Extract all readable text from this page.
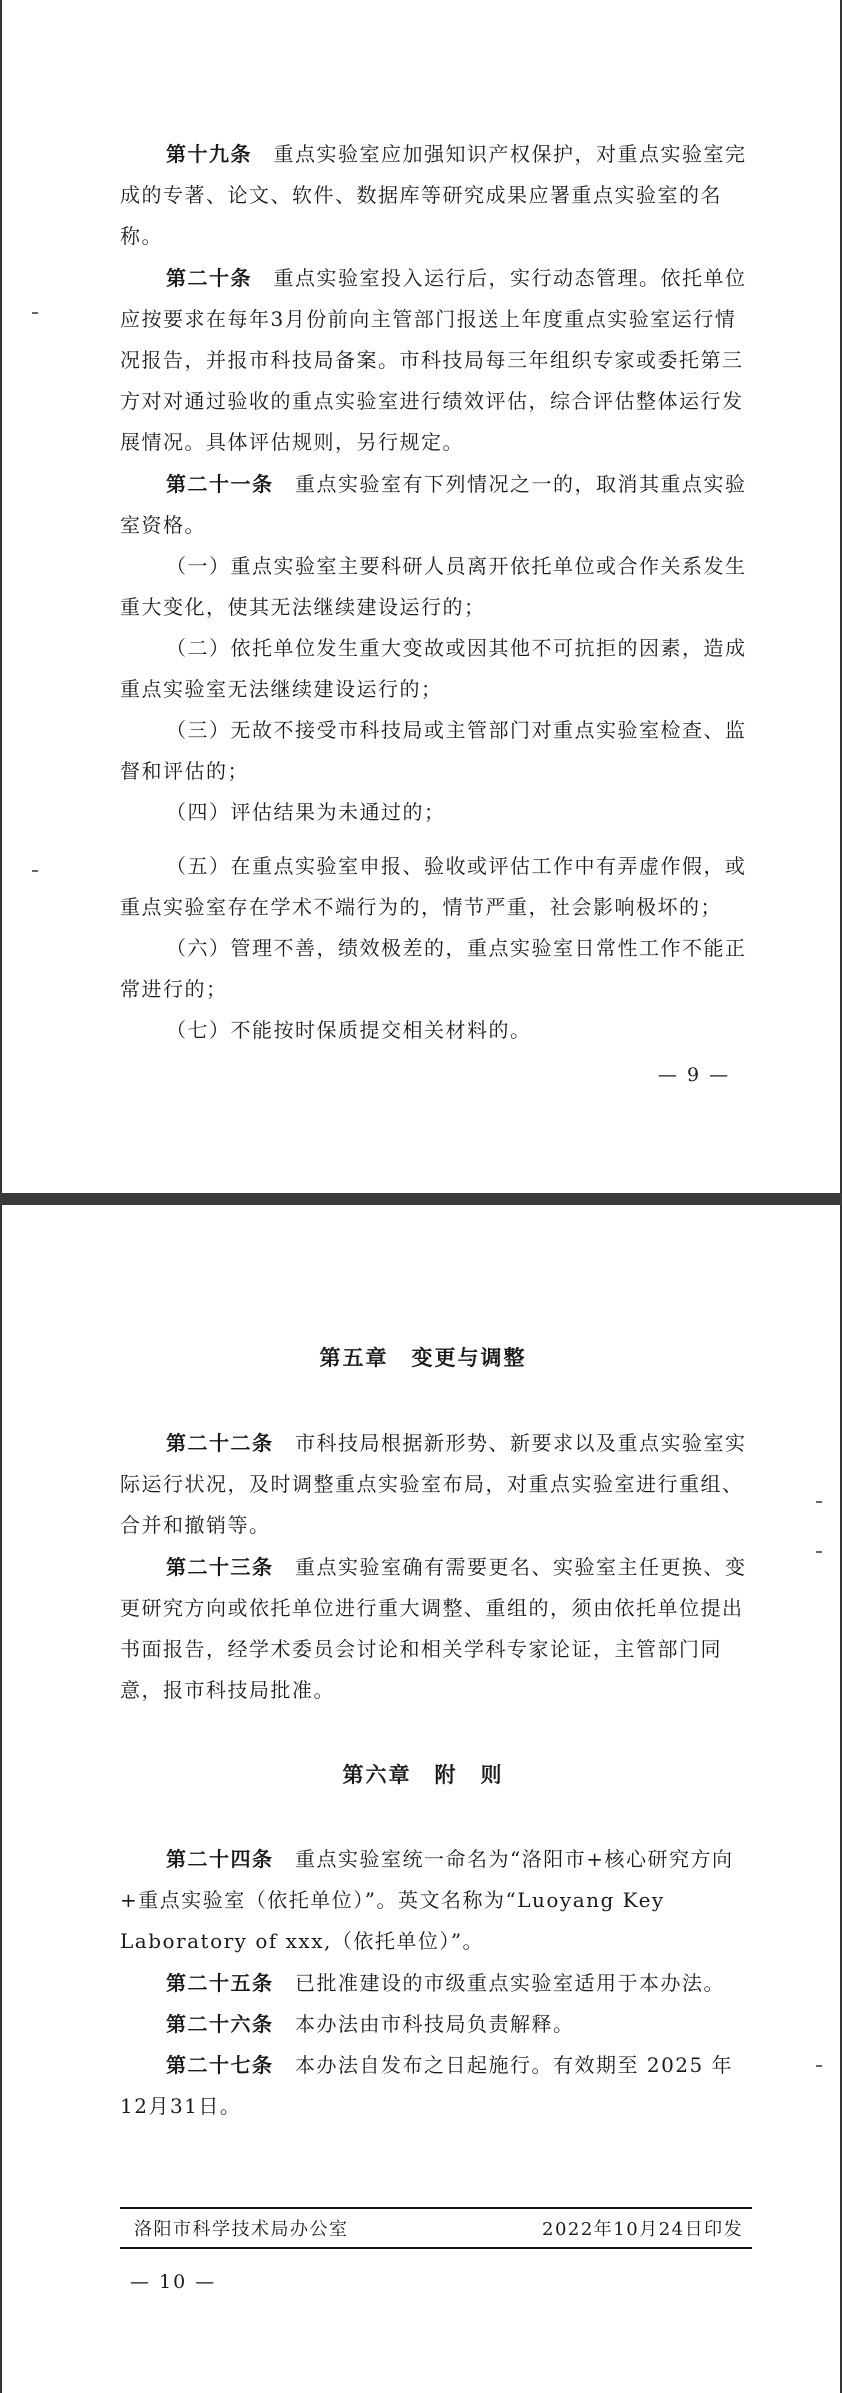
第十九条　 重点实验室应加强知识产权保护，对重点实验室完成的专著、论文、软件、数据库等研究成果应署重点实验室的名称。

第二十条　 重点实验室投入运行后，实行动态管理。依托单位应按要求在每年3月份前向主管部门报送上年度重点实验室运行情况报告，并报市科技局备案。市科技局每三年组织专家或委托第三方对对通过验收的重点实验室进行绩效评估，综合评估整体运行发展情况。具体评估规则，另行规定。

第二十一条　 重点实验室有下列情况之一的，取消其重点实验室资格。

（一）重点实验室主要科研人员离开依托单位或合作关系发生重大变化，使其无法继续建设运行的；

（二）依托单位发生重大变故或因其他不可抗拒的因素，造成重点实验室无法继续建设运行的；

（三）无故不接受市科技局或主管部门对重点实验室检查、监督和评估的；

（四）评估结果为未通过的；

（五）在重点实验室申报、验收或评估工作中有弄虚作假，或重点实验室存在学术不端行为的，情节严重，社会影响极坏的；

（六）管理不善，绩效极差的，重点实验室日常性工作不能正常进行的；

（七）不能按时保质提交相关材料的。

— 9 —
第五章　变更与调整

第二十二条　 市科技局根据新形势、新要求以及重点实验室实际运行状况，及时调整重点实验室布局，对重点实验室进行重组、合并和撤销等。

第二十三条　 重点实验室确有需要更名、实验室主任更换、变更研究方向或依托单位进行重大调整、重组的，须由依托单位提出书面报告，经学术委员会讨论和相关学科专家论证，主管部门同意，报市科技局批准。

第六章　附　则

第二十四条　 重点实验室统一命名为“洛阳市+核心研究方向+重点实验室（依托单位）”。英文名称为“Luoyang Key Laboratory of xxx,（依托单位）”。

第二十五条　 已批准建设的市级重点实验室适用于本办法。

第二十六条　 本办法由市科技局负责解释。

第二十七条　 本办法自发布之日起施行。有效期至 2025 年12月31日。

洛阳市科学技术局办公室	2022年10月24日印发
— 10 —
